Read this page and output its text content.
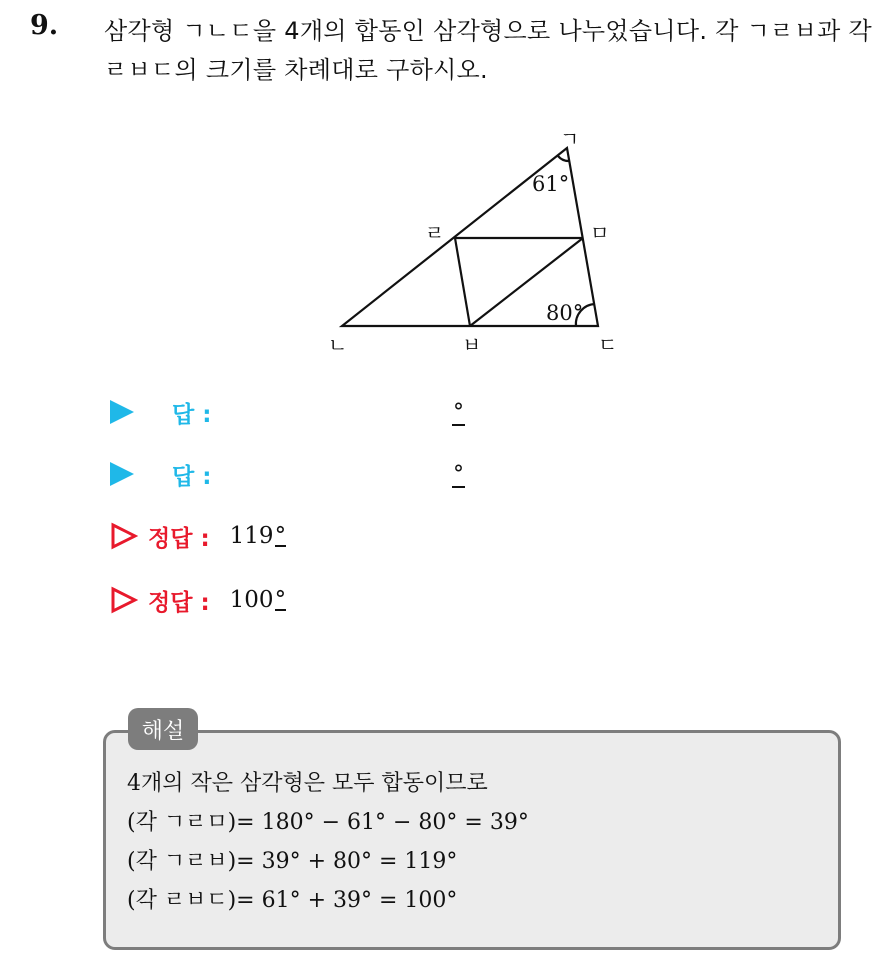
9. 삼각형 ㄱㄴㄷ을 4개의 합동인 삼각형으로 나누었습니다. 각 ㄱㄹㅂ과 각 ㄹㅂㄷ의 크기를 차례대로 구하시오.
ㄱ
ㄴ	ㄷ
ㄹ	ㅁ
ㅂ
61°
80°
답 :	°
답 :	°
정답 : 119°
정답 : 100°
해설
4개의 작은 삼각형은 모두 합동이므로
(각 ㄱㄹㅁ)= 180° − 61° − 80° = 39°
(각 ㄱㄹㅂ)= 39° + 80° = 119°
(각 ㄹㅂㄷ)= 61° + 39° = 100°
